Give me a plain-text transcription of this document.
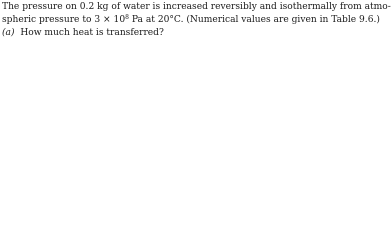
The pressure on 0.2 kg of water is increased reversibly and isothermally from atmo-
spheric pressure to $3 \times 10^8$ Pa at 20°C. (Numerical values are given in Table 9.6.)
(a) How much heat is transferred?
